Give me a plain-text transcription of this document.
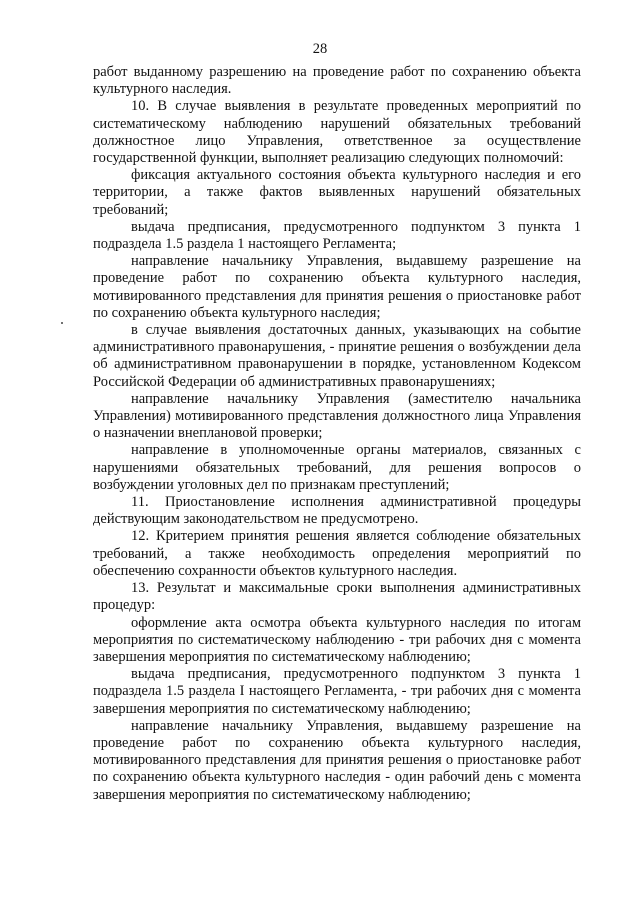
28

работ выданному разрешению на проведение работ по сохранению объекта культурного наследия.

10. В случае выявления в результате проведенных мероприятий по систематическому наблюдению нарушений обязательных требований должностное лицо Управления, ответственное за осуществление государственной функции, выполняет реализацию следующих полномочий:

фиксация актуального состояния объекта культурного наследия и его территории, а также фактов выявленных нарушений обязательных требований;

выдача предписания, предусмотренного подпунктом 3 пункта 1 подраздела 1.5 раздела 1 настоящего Регламента;

направление начальнику Управления, выдавшему разрешение на проведение работ по сохранению объекта культурного наследия, мотивированного представления для принятия решения о приостановке работ по сохранению объекта культурного наследия;

в случае выявления достаточных данных, указывающих на событие административного правонарушения, - принятие решения о возбуждении дела об административном правонарушении в порядке, установленном Кодексом Российской Федерации об административных правонарушениях;

направление начальнику Управления (заместителю начальника Управления) мотивированного представления должностного лица Управления о назначении внеплановой проверки;

направление в уполномоченные органы материалов, связанных с нарушениями обязательных требований, для решения вопросов о возбуждении уголовных дел по признакам преступлений;

11. Приостановление исполнения административной процедуры действующим законодательством не предусмотрено.

12. Критерием принятия решения является соблюдение обязательных требований, а также необходимость определения мероприятий по обеспечению сохранности объектов культурного наследия.

13. Результат и максимальные сроки выполнения административных процедур:

оформление акта осмотра объекта культурного наследия по итогам мероприятия по систематическому наблюдению - три рабочих дня с момента завершения мероприятия по систематическому наблюдению;

выдача предписания, предусмотренного подпунктом 3 пункта 1 подраздела 1.5 раздела I настоящего Регламента, - три рабочих дня с момента завершения мероприятия по систематическому наблюдению;

направление начальнику Управления, выдавшему разрешение на проведение работ по сохранению объекта культурного наследия, мотивированного представления для принятия решения о приостановке работ по сохранению объекта культурного наследия - один рабочий день с момента завершения мероприятия по систематическому наблюдению;
